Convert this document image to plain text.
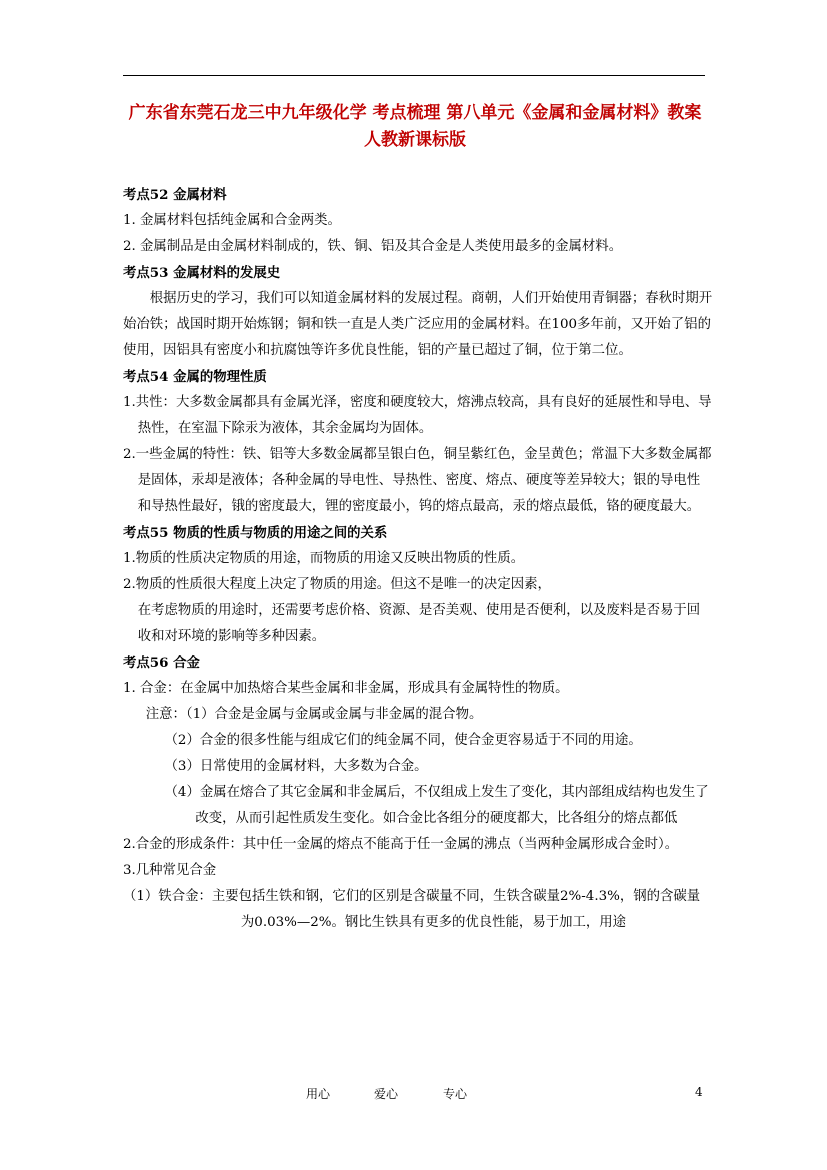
广东省东莞石龙三中九年级化学 考点梳理 第八单元《金属和金属材料》教案 人教新课标版

考点52 金属材料

1. 金属材料包括纯金属和合金两类。

2. 金属制品是由金属材料制成的，铁、铜、铝及其合金是人类使用最多的金属材料。

考点53 金属材料的发展史

根据历史的学习，我们可以知道金属材料的发展过程。商朝，人们开始使用青铜器；春秋时期开始冶铁；战国时期开始炼钢；铜和铁一直是人类广泛应用的金属材料。在100多年前，又开始了铝的使用，因铝具有密度小和抗腐蚀等许多优良性能，铝的产量已超过了铜，位于第二位。

考点54 金属的物理性质

1.共性：大多数金属都具有金属光泽，密度和硬度较大，熔沸点较高，具有良好的延展性和导电、导热性，在室温下除汞为液体，其余金属均为固体。

2.一些金属的特性：铁、铝等大多数金属都呈银白色，铜呈紫红色，金呈黄色；常温下大多数金属都是固体，汞却是液体；各种金属的导电性、导热性、密度、熔点、硬度等差异较大；银的导电性和导热性最好，锇的密度最大，锂的密度最小，钨的熔点最高，汞的熔点最低，铬的硬度最大。

考点55 物质的性质与物质的用途之间的关系

1.物质的性质决定物质的用途，而物质的用途又反映出物质的性质。

2.物质的性质很大程度上决定了物质的用途。但这不是唯一的决定因素，

在考虑物质的用途时，还需要考虑价格、资源、是否美观、使用是否便利，以及废料是否易于回收和对环境的影响等多种因素。

考点56 合金

1. 合金：在金属中加热熔合某些金属和非金属，形成具有金属特性的物质。

注意：（1）合金是金属与金属或金属与非金属的混合物。

（2）合金的很多性能与组成它们的纯金属不同，使合金更容易适于不同的用途。

（3）日常使用的金属材料，大多数为合金。

（4）金属在熔合了其它金属和非金属后，不仅组成上发生了变化，其内部组成结构也发生了改变，从而引起性质发生变化。如合金比各组分的硬度都大，比各组分的熔点都低

2.合金的形成条件：其中任一金属的熔点不能高于任一金属的沸点（当两种金属形成合金时）。

3.几种常见合金

（1）铁合金：主要包括生铁和钢，它们的区别是含碳量不同，生铁含碳量2%-4.3%，钢的含碳量为0.03%—2%。钢比生铁具有更多的优良性能，易于加工，用途

用心	爱心	专心	4
